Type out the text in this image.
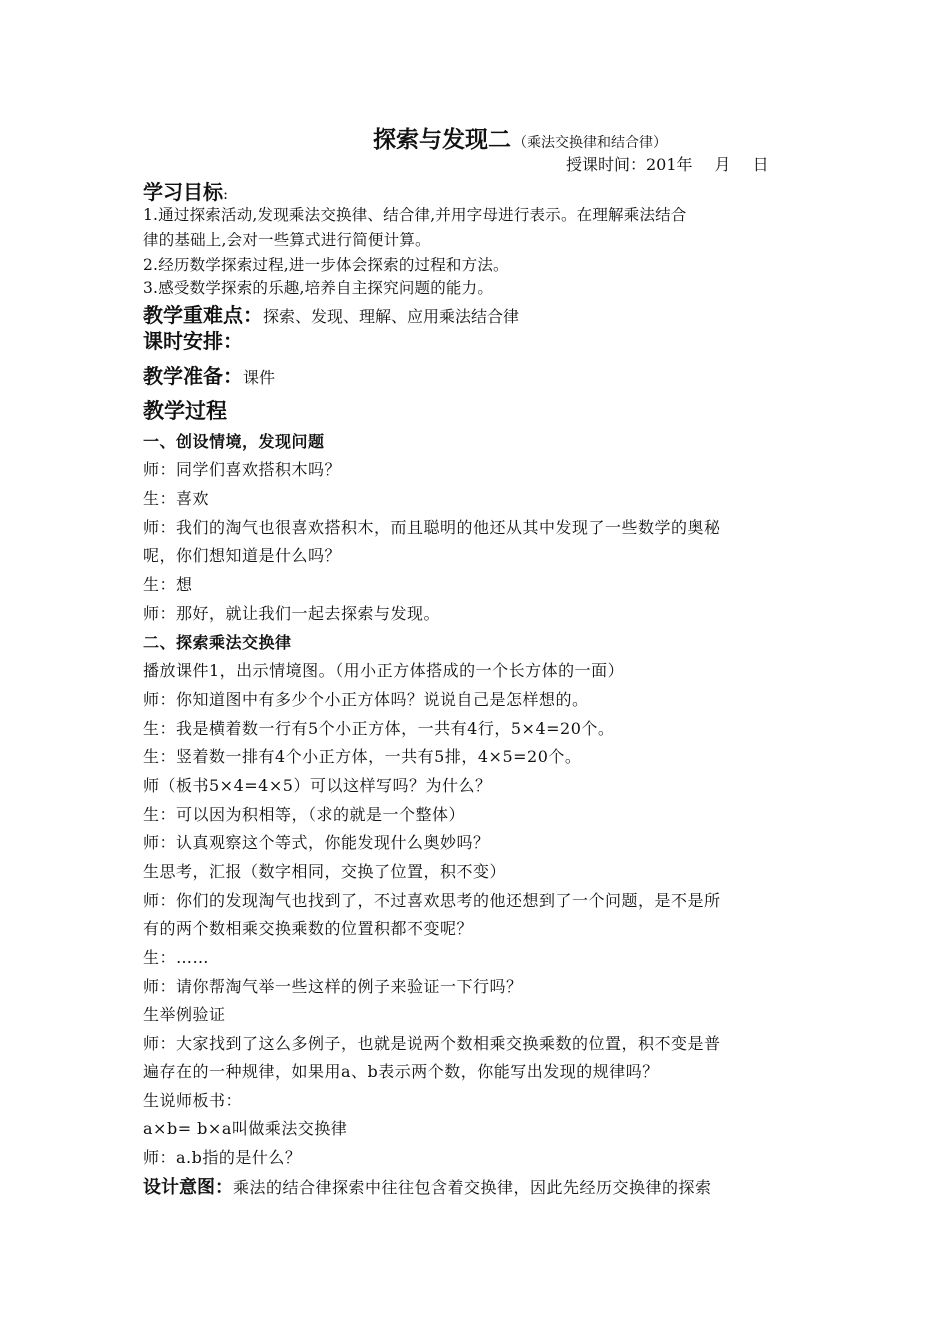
探索与发现二 （乘法交换律和结合律）
授课时间：201年 月 日
学习目标:
1.通过探索活动,发现乘法交换律、结合律,并用字母进行表示。在理解乘法结合
律的基础上,会对一些算式进行简便计算。
2.经历数学探索过程,进一步体会探索的过程和方法。
3.感受数学探索的乐趣,培养自主探究问题的能力。
教学重难点：探索、发现、理解、应用乘法结合律
课时安排：
教学准备：课件
教学过程
一、创设情境，发现问题
师：同学们喜欢搭积木吗？
生：喜欢
师：我们的淘气也很喜欢搭积木，而且聪明的他还从其中发现了一些数学的奥秘
呢，你们想知道是什么吗？
生：想
师：那好，就让我们一起去探索与发现。
二、探索乘法交换律
播放课件1，出示情境图。（用小正方体搭成的一个长方体的一面）
师：你知道图中有多少个小正方体吗？说说自己是怎样想的。
生：我是横着数一行有5个小正方体，一共有4行，5×4=20个。
生：竖着数一排有4个小正方体，一共有5排，4×5=20个。
师（板书5×4=4×5）可以这样写吗？为什么？
生：可以因为积相等，（求的就是一个整体）
师：认真观察这个等式，你能发现什么奥妙吗？
生思考，汇报（数字相同，交换了位置，积不变）
师：你们的发现淘气也找到了，不过喜欢思考的他还想到了一个问题，是不是所
有的两个数相乘交换乘数的位置积都不变呢？
生：……
师：请你帮淘气举一些这样的例子来验证一下行吗？
生举例验证
师：大家找到了这么多例子，也就是说两个数相乘交换乘数的位置，积不变是普
遍存在的一种规律，如果用a、b表示两个数，你能写出发现的规律吗？
生说师板书：
a×b= b×a叫做乘法交换律
师：a.b指的是什么？
设计意图：乘法的结合律探索中往往包含着交换律，因此先经历交换律的探索
